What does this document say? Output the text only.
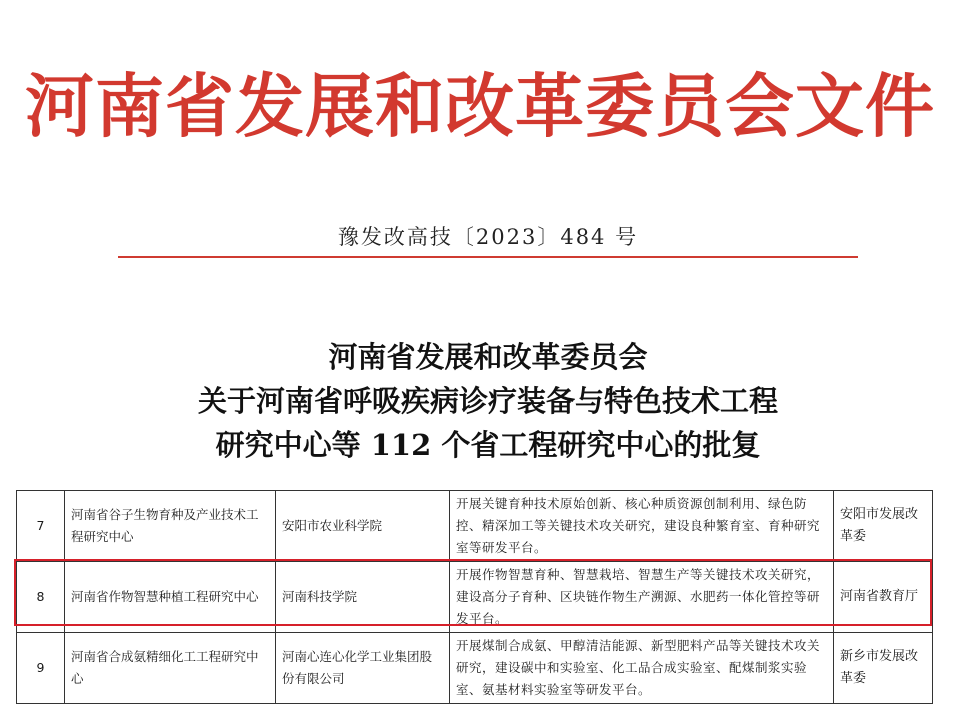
河南省发展和改革委员会文件
豫发改高技〔2023〕484 号
河南省发展和改革委员会
关于河南省呼吸疾病诊疗装备与特色技术工程
研究中心等 112 个省工程研究中心的批复
7	河南省谷子生物育种及产业技术工程研究中心	安阳市农业科学院	开展关键育种技术原始创新、核心种质资源创制利用、绿色防控、精深加工等关键技术攻关研究，建设良种繁育室、育种研究室等研发平台。	安阳市发展改革委
8	河南省作物智慧种植工程研究中心	河南科技学院	开展作物智慧育种、智慧栽培、智慧生产等关键技术攻关研究，建设高分子育种、区块链作物生产溯源、水肥药一体化管控等研发平台。	河南省教育厅
9	河南省合成氨精细化工工程研究中心	河南心连心化学工业集团股份有限公司	开展煤制合成氨、甲醇清洁能源、新型肥料产品等关键技术攻关研究，建设碳中和实验室、化工品合成实验室、配煤制浆实验室、氨基材料实验室等研发平台。	新乡市发展改革委
